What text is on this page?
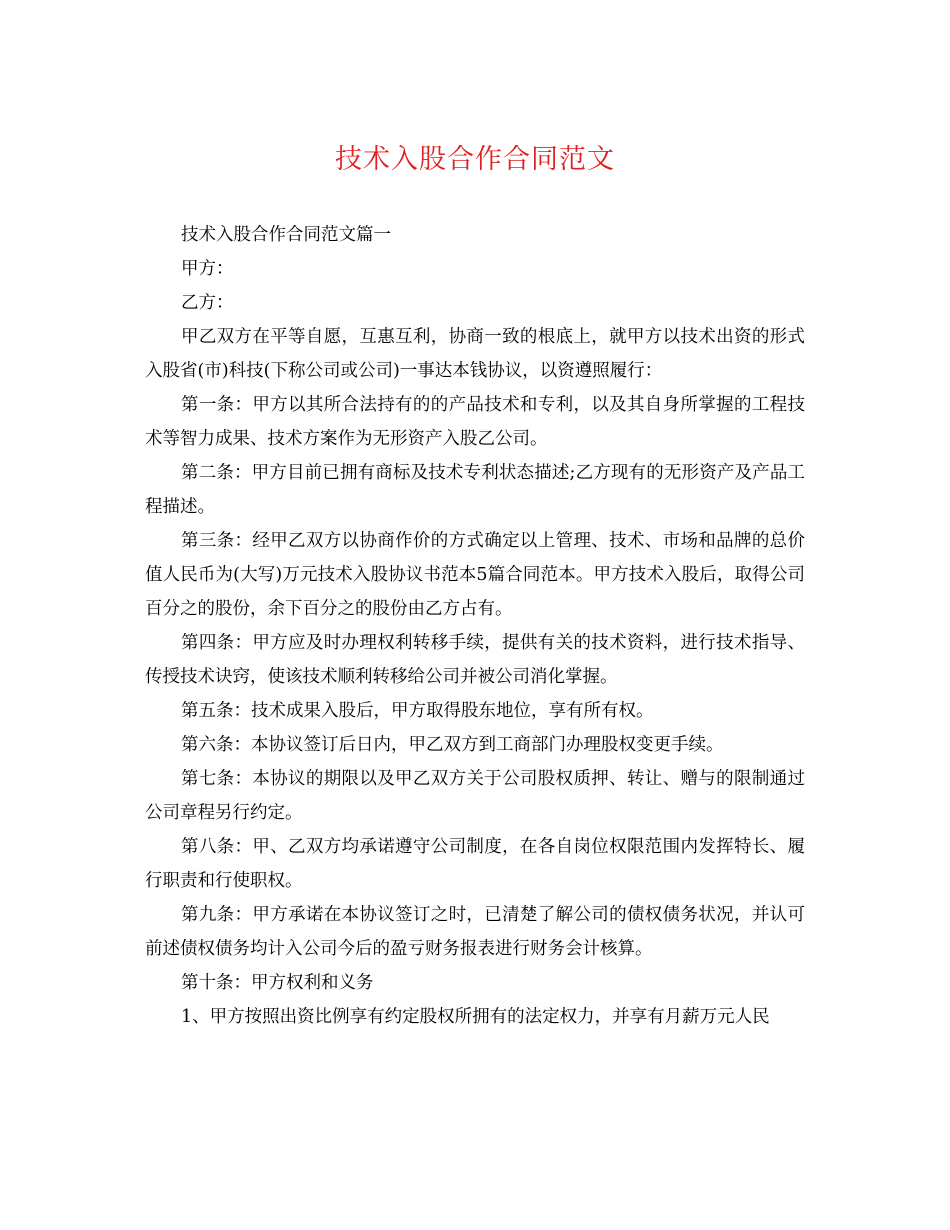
技术入股合作合同范文

技术入股合作合同范文篇一

甲方：

乙方：

甲乙双方在平等自愿，互惠互利，协商一致的根底上，就甲方以技术出资的形式入股省(市)科技(下称公司或公司)一事达本钱协议，以资遵照履行：

第一条：甲方以其所合法持有的的产品技术和专利，以及其自身所掌握的工程技术等智力成果、技术方案作为无形资产入股乙公司。

第二条：甲方目前已拥有商标及技术专利状态描述;乙方现有的无形资产及产品工程描述。

第三条：经甲乙双方以协商作价的方式确定以上管理、技术、市场和品牌的总价值人民币为(大写)万元技术入股协议书范本5篇合同范本。甲方技术入股后，取得公司百分之的股份，余下百分之的股份由乙方占有。

第四条：甲方应及时办理权利转移手续，提供有关的技术资料，进行技术指导、传授技术诀窍，使该技术顺利转移给公司并被公司消化掌握。

第五条：技术成果入股后，甲方取得股东地位，享有所有权。

第六条：本协议签订后日内，甲乙双方到工商部门办理股权变更手续。

第七条：本协议的期限以及甲乙双方关于公司股权质押、转让、赠与的限制通过公司章程另行约定。

第八条：甲、乙双方均承诺遵守公司制度，在各自岗位权限范围内发挥特长、履行职责和行使职权。

第九条：甲方承诺在本协议签订之时，已清楚了解公司的债权债务状况，并认可前述债权债务均计入公司今后的盈亏财务报表进行财务会计核算。

第十条：甲方权利和义务

1、甲方按照出资比例享有约定股权所拥有的法定权力，并享有月薪万元人民
